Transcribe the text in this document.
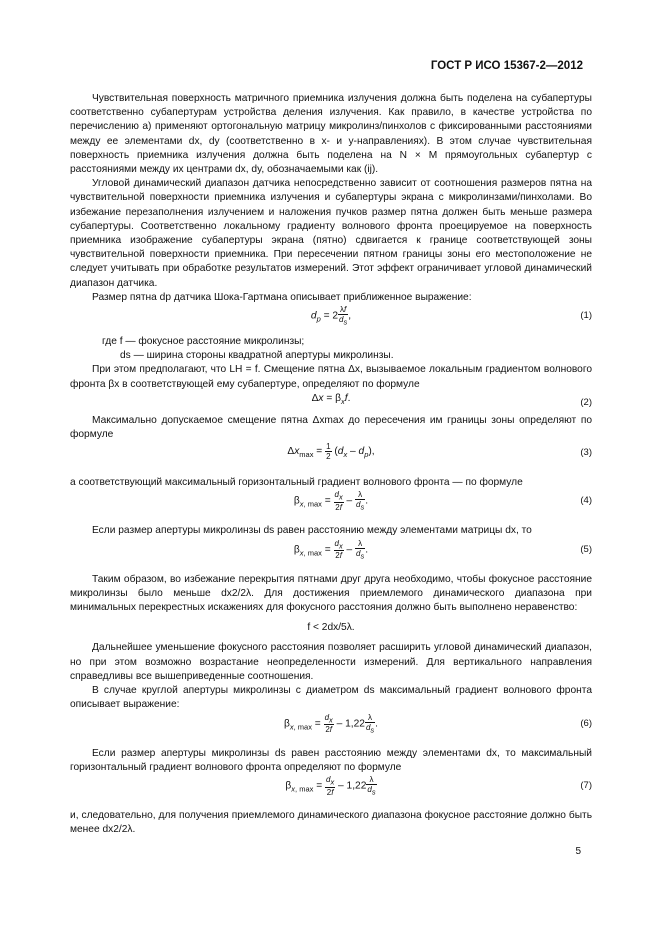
ГОСТ Р ИСО 15367-2—2012

Чувствительная поверхность матричного приемника излучения должна быть поделена на субапертуры соответственно субапертурам устройства деления излучения. Как правило, в качестве устройства по перечислению а) применяют ортогональную матрицу микролинз/пинхолов с фиксированными расстояниями между ее элементами dx, dy (соответственно в x- и y-направлениях). В этом случае чувствительная поверхность приемника излучения должна быть поделена на N × M прямоугольных субапертур с расстояниями между их центрами dx, dy, обозначаемыми как (ij).

Угловой динамический диапазон датчика непосредственно зависит от соотношения размеров пятна на чувствительной поверхности приемника излучения и субапертуры экрана с микролинзами/пинхолами. Во избежание перезаполнения излучением и наложения пучков размер пятна должен быть меньше размера субапертуры. Соответственно локальному градиенту волнового фронта проецируемое на поверхность приемника изображение субапертуры экрана (пятно) сдвигается к границе соответствующей зоны чувствительной поверхности приемника. При пересечении пятном границы зоны его местоположение не следует учитывать при обработке результатов измерений. Этот эффект ограничивает угловой динамический диапазон датчика.

Размер пятна dp датчика Шока-Гартмана описывает приближенное выражение:

$d_p = 2 \frac{\lambda f}{d_s}$ ,	(1)

где f — фокусное расстояние микролинзы;

ds — ширина стороны квадратной апертуры микролинзы.

При этом предполагают, что LH = f. Смещение пятна Δx, вызываемое локальным градиентом волнового фронта βx в соответствующей ему субапертуре, определяют по формуле

$\Delta x = \beta_xf$.	(2)

Максимально допускаемое смещение пятна Δxmax до пересечения им границы зоны определяют по формуле

$\Delta x_{max} = \frac{1}{2} (d_x - d_p)$,	(3)

а соответствующий максимальный горизонтальный градиент волнового фронта — по формуле

$\beta_{x, max} = \frac{d_x}{2f} - \frac{\lambda}{d_s}$ .	(4)

Если размер апертуры микролинзы ds равен расстоянию между элементами матрицы dx, то

$\beta_{x, max} = \frac{d_x}{2f} - \frac{\lambda}{d_s}$ .	(5)

Таким образом, во избежание перекрытия пятнами друг друга необходимо, чтобы фокусное расстояние микролинзы было меньше dx2/2λ. Для достижения приемлемого динамического диапазона при минимальных перекрестных искажениях для фокусного расстояния должно быть выполнено неравенство:

f < 2dx/5λ.

Дальнейшее уменьшение фокусного расстояния позволяет расширить угловой динамический диапазон, но при этом возможно возрастание неопределенности измерений. Для вертикального направления справедливы все вышеприведенные соотношения.

В случае круглой апертуры микролинзы с диаметром ds максимальный градиент волнового фронта описывает выражение:

$\beta_{x, max} = \frac{d_x}{2f} - 1,22 \frac{\lambda}{d_s}$ .	(6)

Если размер апертуры микролинзы ds равен расстоянию между элементами dx, то максимальный горизонтальный градиент волнового фронта определяют по формуле

$\beta_{x, max} = \frac{d_x}{2f} - 1,22 \frac{\lambda}{d_s}$	(7)

и, следовательно, для получения приемлемого динамического диапазона фокусное расстояние должно быть менее dx2/2λ.

5
